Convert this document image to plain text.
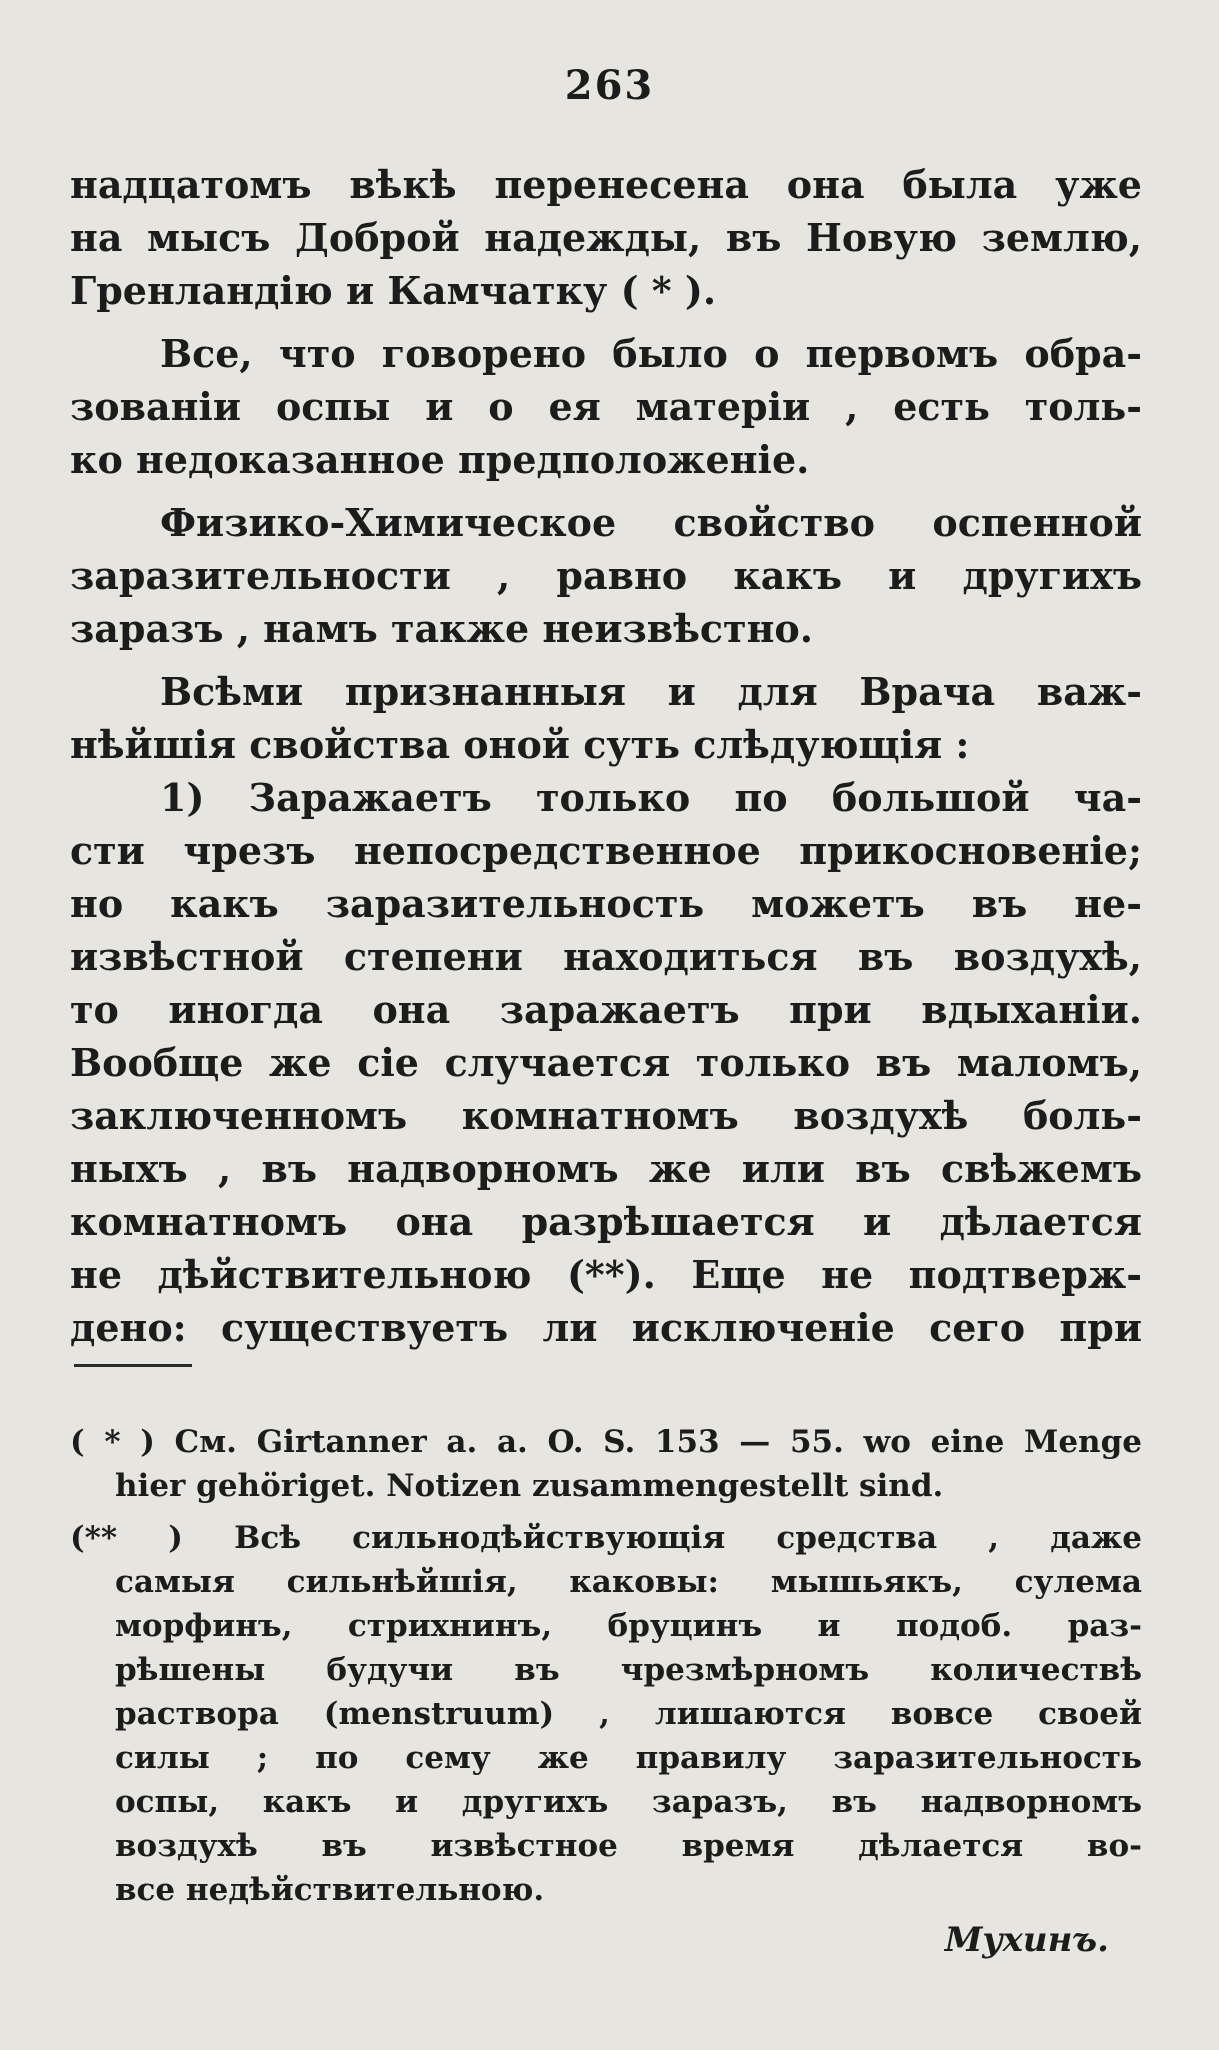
263
надцатомъ вѣкѣ перенесена она была уже
на мысъ Доброй надежды, въ Новую землю,
Гренландію и Камчатку ( * ).
Все, что говорено было о первомъ обра-
зованіи оспы и о ея матеріи , есть толь-
ко недоказанное предположеніе.
Физико-Химическое свойство оспенной
заразительности , равно какъ и другихъ
заразъ , намъ также неизвѣстно.
Всѣми признанныя и для Врача важ-
нѣйшія свойства оной суть слѣдующія :
1) Заражаетъ только по большой ча-
сти чрезъ непосредственное прикосновеніе;
но какъ заразительность можетъ въ не-
извѣстной степени находиться въ воздухѣ,
то иногда она заражаетъ при вдыханіи.
Вообще же сіе случается только въ маломъ,
заключенномъ комнатномъ воздухѣ боль-
ныхъ , въ надворномъ же или въ свѣжемъ
комнатномъ она разрѣшается и дѣлается
не дѣйствительною (**). Еще не подтверж-
дено: существуетъ ли исключеніе сего при
( * ) См. Girtanner a. a. O. S. 153 — 55. wo eine Menge
hier gehöriget. Notizen zusammengestellt sind.
(** ) Всѣ сильнодѣйствующія средства , даже
самыя сильнѣйшія, каковы: мышьякъ, сулема
морфинъ, стрихнинъ, бруцинъ и подоб. раз-
рѣшены будучи въ чрезмѣрномъ количествѣ
раствора (menstruum) , лишаются вовсе своей
силы ; по сему же правилу заразительность
оспы, какъ и другихъ заразъ, въ надворномъ
воздухѣ въ извѣстное время дѣлается во-
все недѣйствительною.
Мухинъ.
